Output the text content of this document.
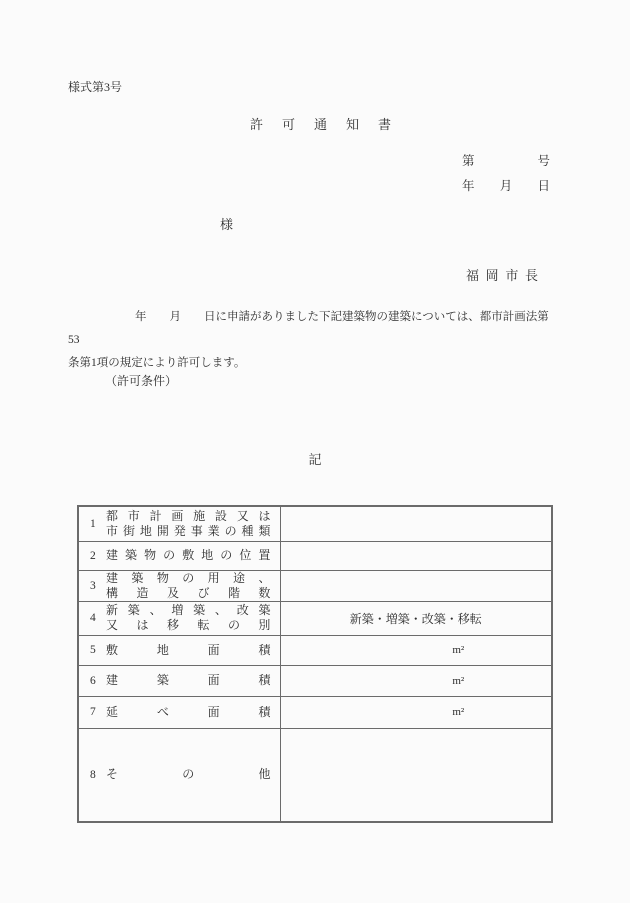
様式第3号
許 可 通 知 書
第	号
年 月 日
様
福 岡 市 長
年　　月　　日に申請がありました下記建築物の建築については、都市計画法第53
条第1項の規定により許可します。
（許可条件）
記
1
都 市 計 画 施 設 又 は
市 街 地 開 発 事 業 の 種 類

2 建 築 物 の 敷 地 の 位 置

3
建 築 物 の 用 途 、
構 造 及 び 階 数

4
新 築 、 増 築 、 改 築
又 は 移 転 の 別	新築・増築・改築・移転

5 敷 地 面 積	m²

6 建 築 面 積	m²

7 延 べ 面 積	m²

8 そ の 他	
